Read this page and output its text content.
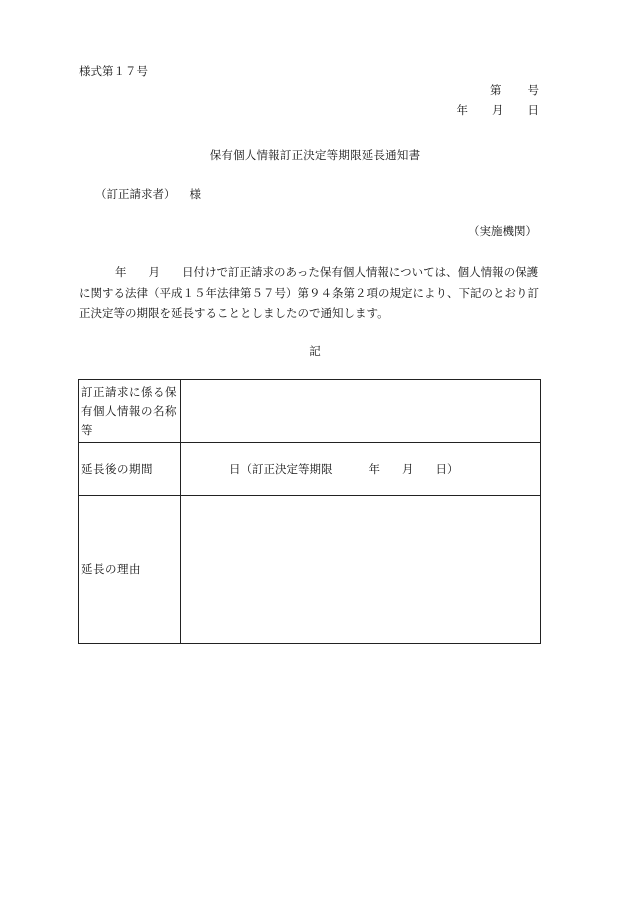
様式第１７号
第 号
年 月 日
保有個人情報訂正決定等期限延長通知書
（訂正請求者） 様
（実施機関）
年 月 日付けで訂正請求のあった保有個人情報については、個人情報の保護
に関する法律（平成１５年法律第５７号）第９４条第２項の規定により、下記のとおり訂
正決定等の期限を延長することとしましたので通知します。
記
訂正請求に係る保有個人情報の名称等	
延長後の期間	日（訂正決定等期限 年 月 日）
延長の理由	
